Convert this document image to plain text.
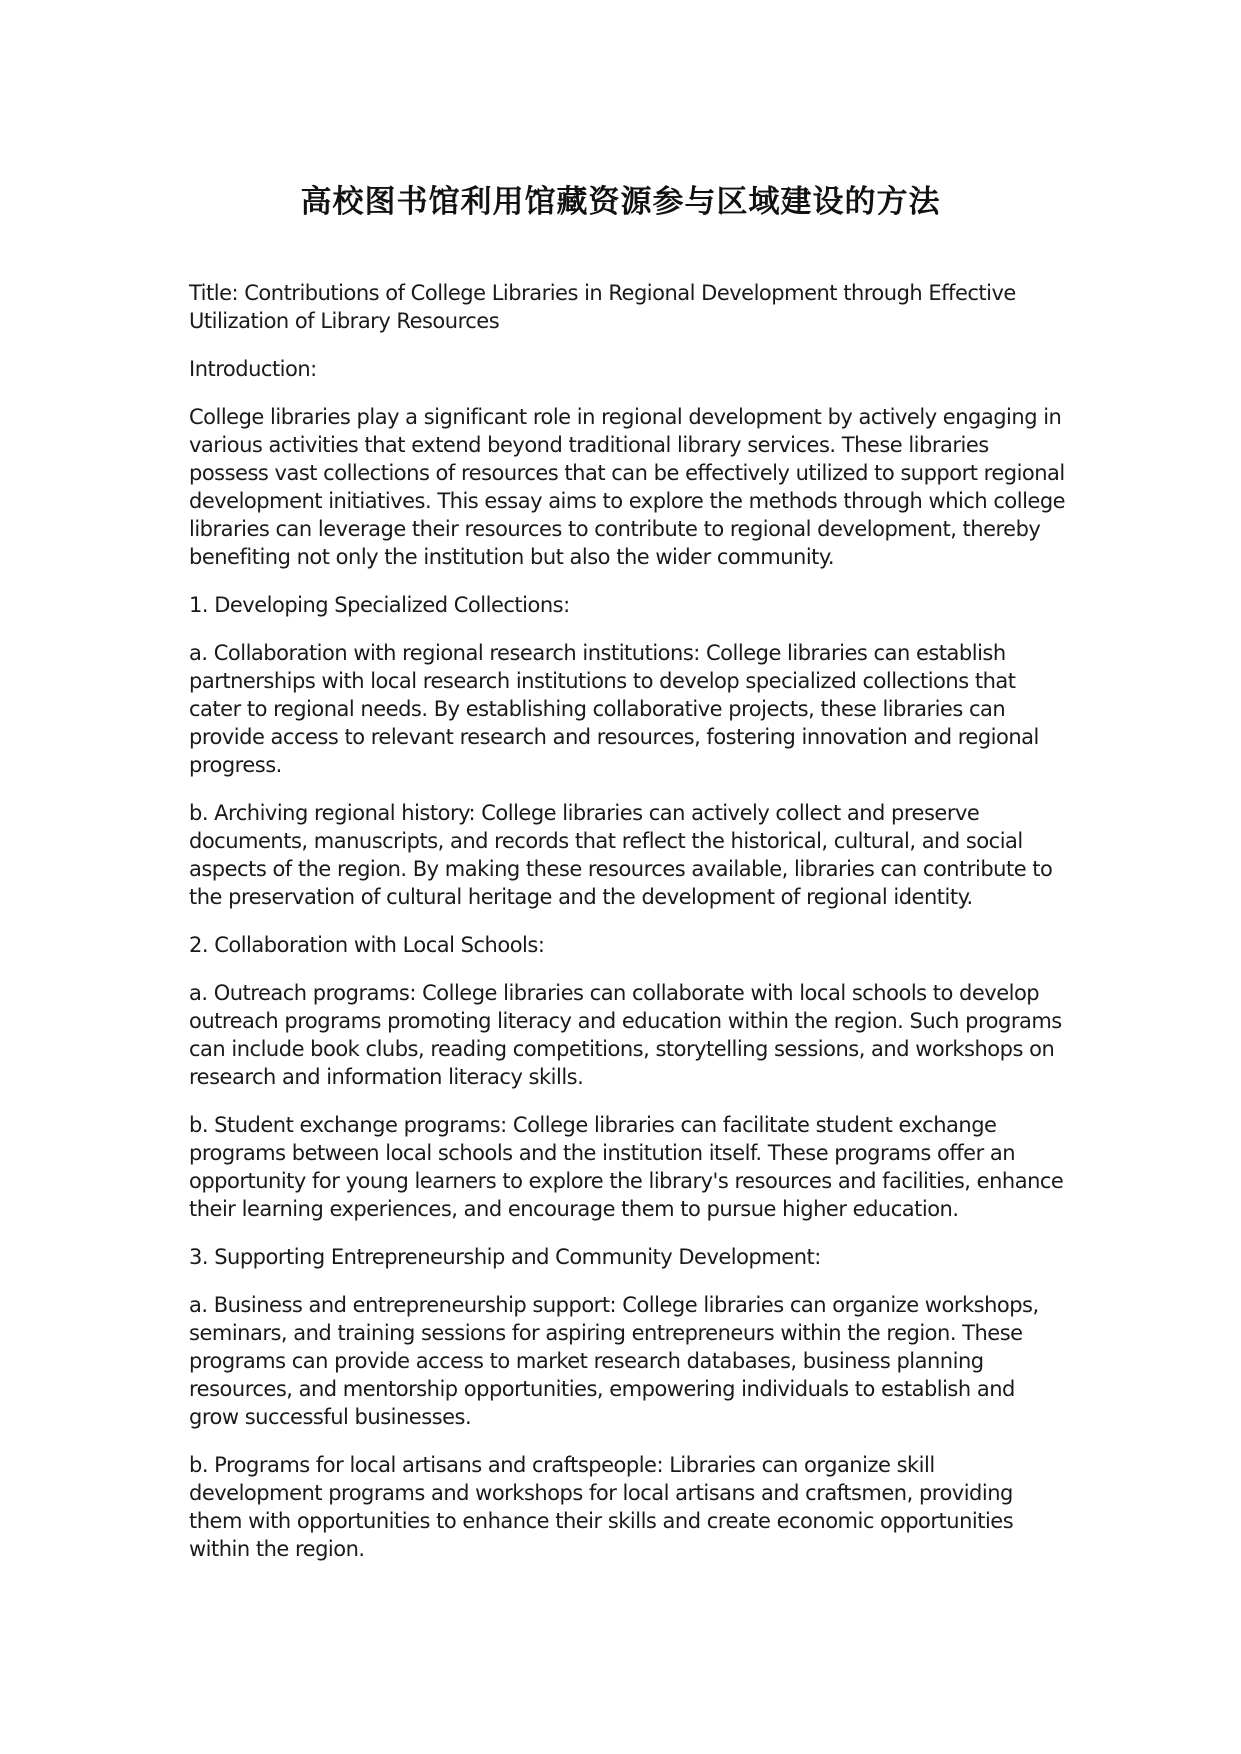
高校图书馆利用馆藏资源参与区域建设的方法

Title: Contributions of College Libraries in Regional Development through Effective Utilization of Library Resources

Introduction:

College libraries play a significant role in regional development by actively engaging in various activities that extend beyond traditional library services. These libraries possess vast collections of resources that can be effectively utilized to support regional development initiatives. This essay aims to explore the methods through which college libraries can leverage their resources to contribute to regional development, thereby benefiting not only the institution but also the wider community.

1. Developing Specialized Collections:

a. Collaboration with regional research institutions: College libraries can establish partnerships with local research institutions to develop specialized collections that cater to regional needs. By establishing collaborative projects, these libraries can provide access to relevant research and resources, fostering innovation and regional progress.

b. Archiving regional history: College libraries can actively collect and preserve documents, manuscripts, and records that reflect the historical, cultural, and social aspects of the region. By making these resources available, libraries can contribute to the preservation of cultural heritage and the development of regional identity.

2. Collaboration with Local Schools:

a. Outreach programs: College libraries can collaborate with local schools to develop outreach programs promoting literacy and education within the region. Such programs can include book clubs, reading competitions, storytelling sessions, and workshops on research and information literacy skills.

b. Student exchange programs: College libraries can facilitate student exchange programs between local schools and the institution itself. These programs offer an opportunity for young learners to explore the library's resources and facilities, enhance their learning experiences, and encourage them to pursue higher education.

3. Supporting Entrepreneurship and Community Development:

a. Business and entrepreneurship support: College libraries can organize workshops, seminars, and training sessions for aspiring entrepreneurs within the region. These programs can provide access to market research databases, business planning resources, and mentorship opportunities, empowering individuals to establish and grow successful businesses.

b. Programs for local artisans and craftspeople: Libraries can organize skill development programs and workshops for local artisans and craftsmen, providing them with opportunities to enhance their skills and create economic opportunities within the region.
